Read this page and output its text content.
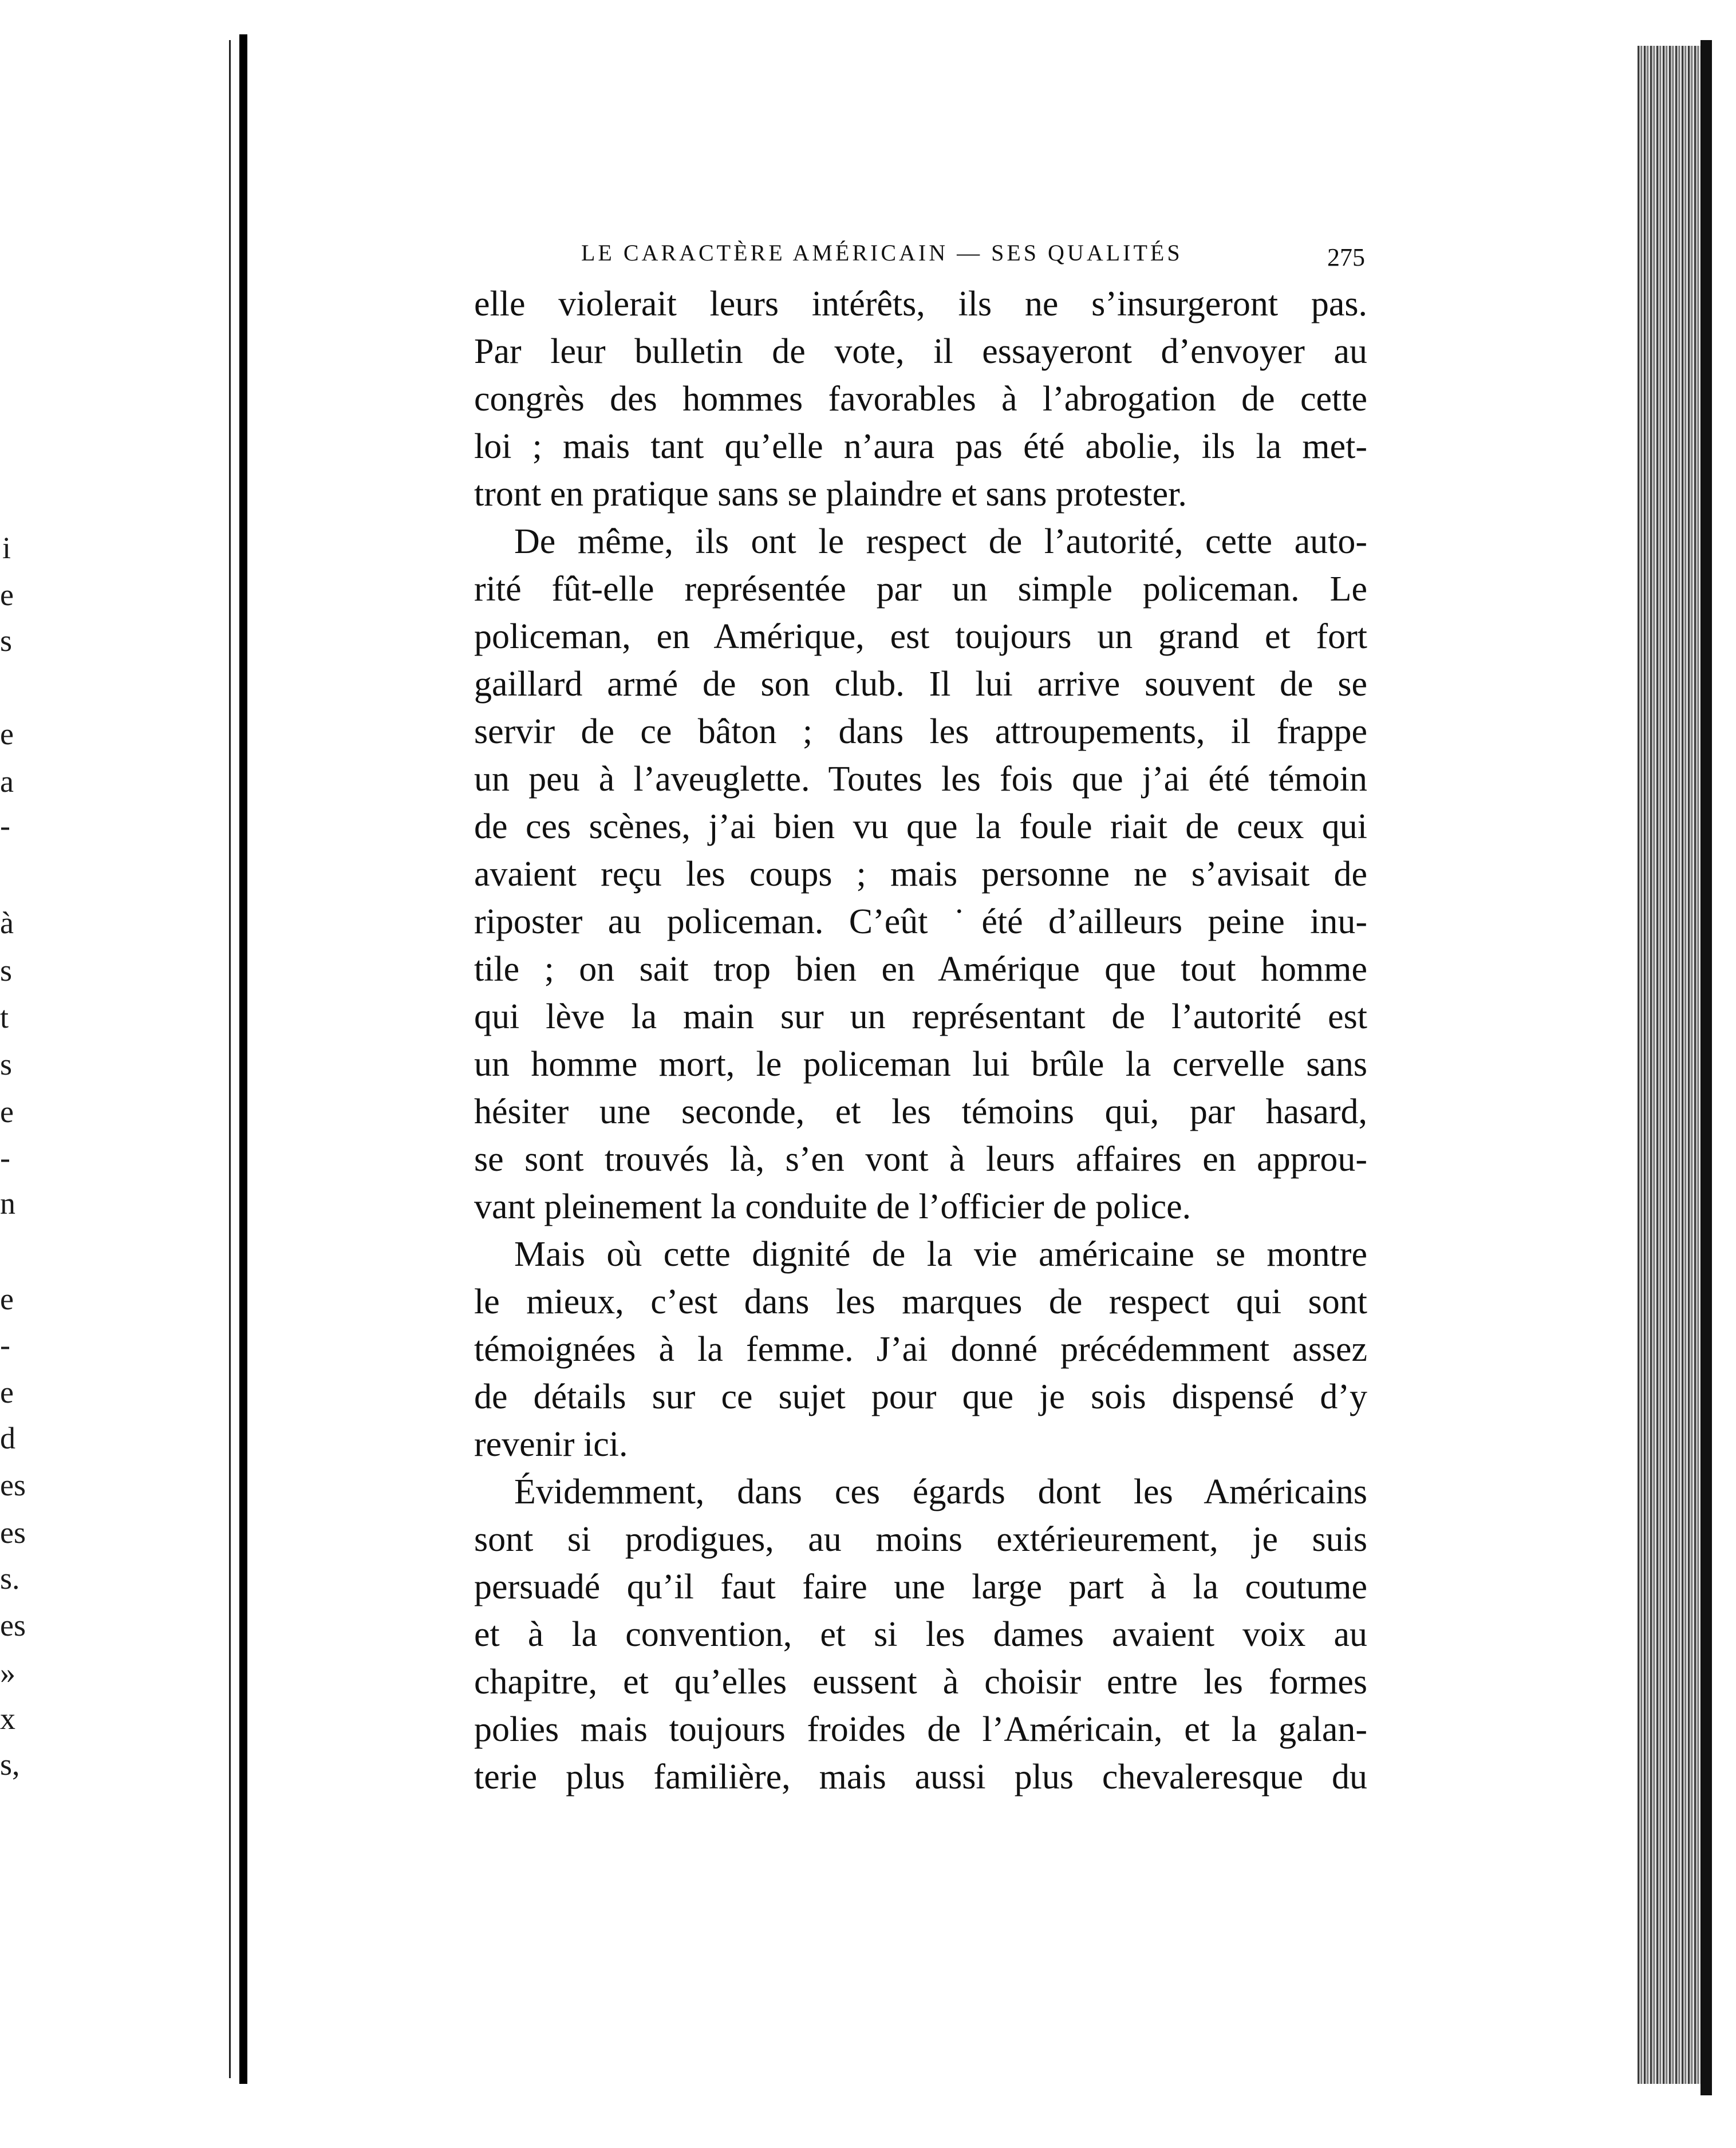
i
e
s
e
a
-
à
s
t
s
e
-
n
e
-
e
d
es
es
s.
es
»
x
s,
LE CARACTÈRE AMÉRICAIN — SES QUALITÉS	275
elle violerait leurs intérêts, ils ne s’insurgeront pas.
Par leur bulletin de vote, il essayeront d’envoyer au
congrès des hommes favorables à l’abrogation de cette
loi ; mais tant qu’elle n’aura pas été abolie, ils la met-
tront en pratique sans se plaindre et sans protester.
De même, ils ont le respect de l’autorité, cette auto-
rité fût-elle représentée par un simple policeman. Le
policeman, en Amérique, est toujours un grand et fort
gaillard armé de son club. Il lui arrive souvent de se
servir de ce bâton ; dans les attroupements, il frappe
un peu à l’aveuglette. Toutes les fois que j’ai été témoin
de ces scènes, j’ai bien vu que la foule riait de ceux qui
avaient reçu les coups ; mais personne ne s’avisait de
riposter au policeman. C’eût ˙été d’ailleurs peine inu-
tile ; on sait trop bien en Amérique que tout homme
qui lève la main sur un représentant de l’autorité est
un homme mort, le policeman lui brûle la cervelle sans
hésiter une seconde, et les témoins qui, par hasard,
se sont trouvés là, s’en vont à leurs affaires en approu-
vant pleinement la conduite de l’officier de police.
Mais où cette dignité de la vie américaine se montre
le mieux, c’est dans les marques de respect qui sont
témoignées à la femme. J’ai donné précédemment assez
de détails sur ce sujet pour que je sois dispensé d’y
revenir ici.
Évidemment, dans ces égards dont les Américains
sont si prodigues, au moins extérieurement, je suis
persuadé qu’il faut faire une large part à la coutume
et à la convention, et si les dames avaient voix au
chapitre, et qu’elles eussent à choisir entre les formes
polies mais toujours froides de l’Américain, et la galan-
terie plus familière, mais aussi plus chevaleresque du
